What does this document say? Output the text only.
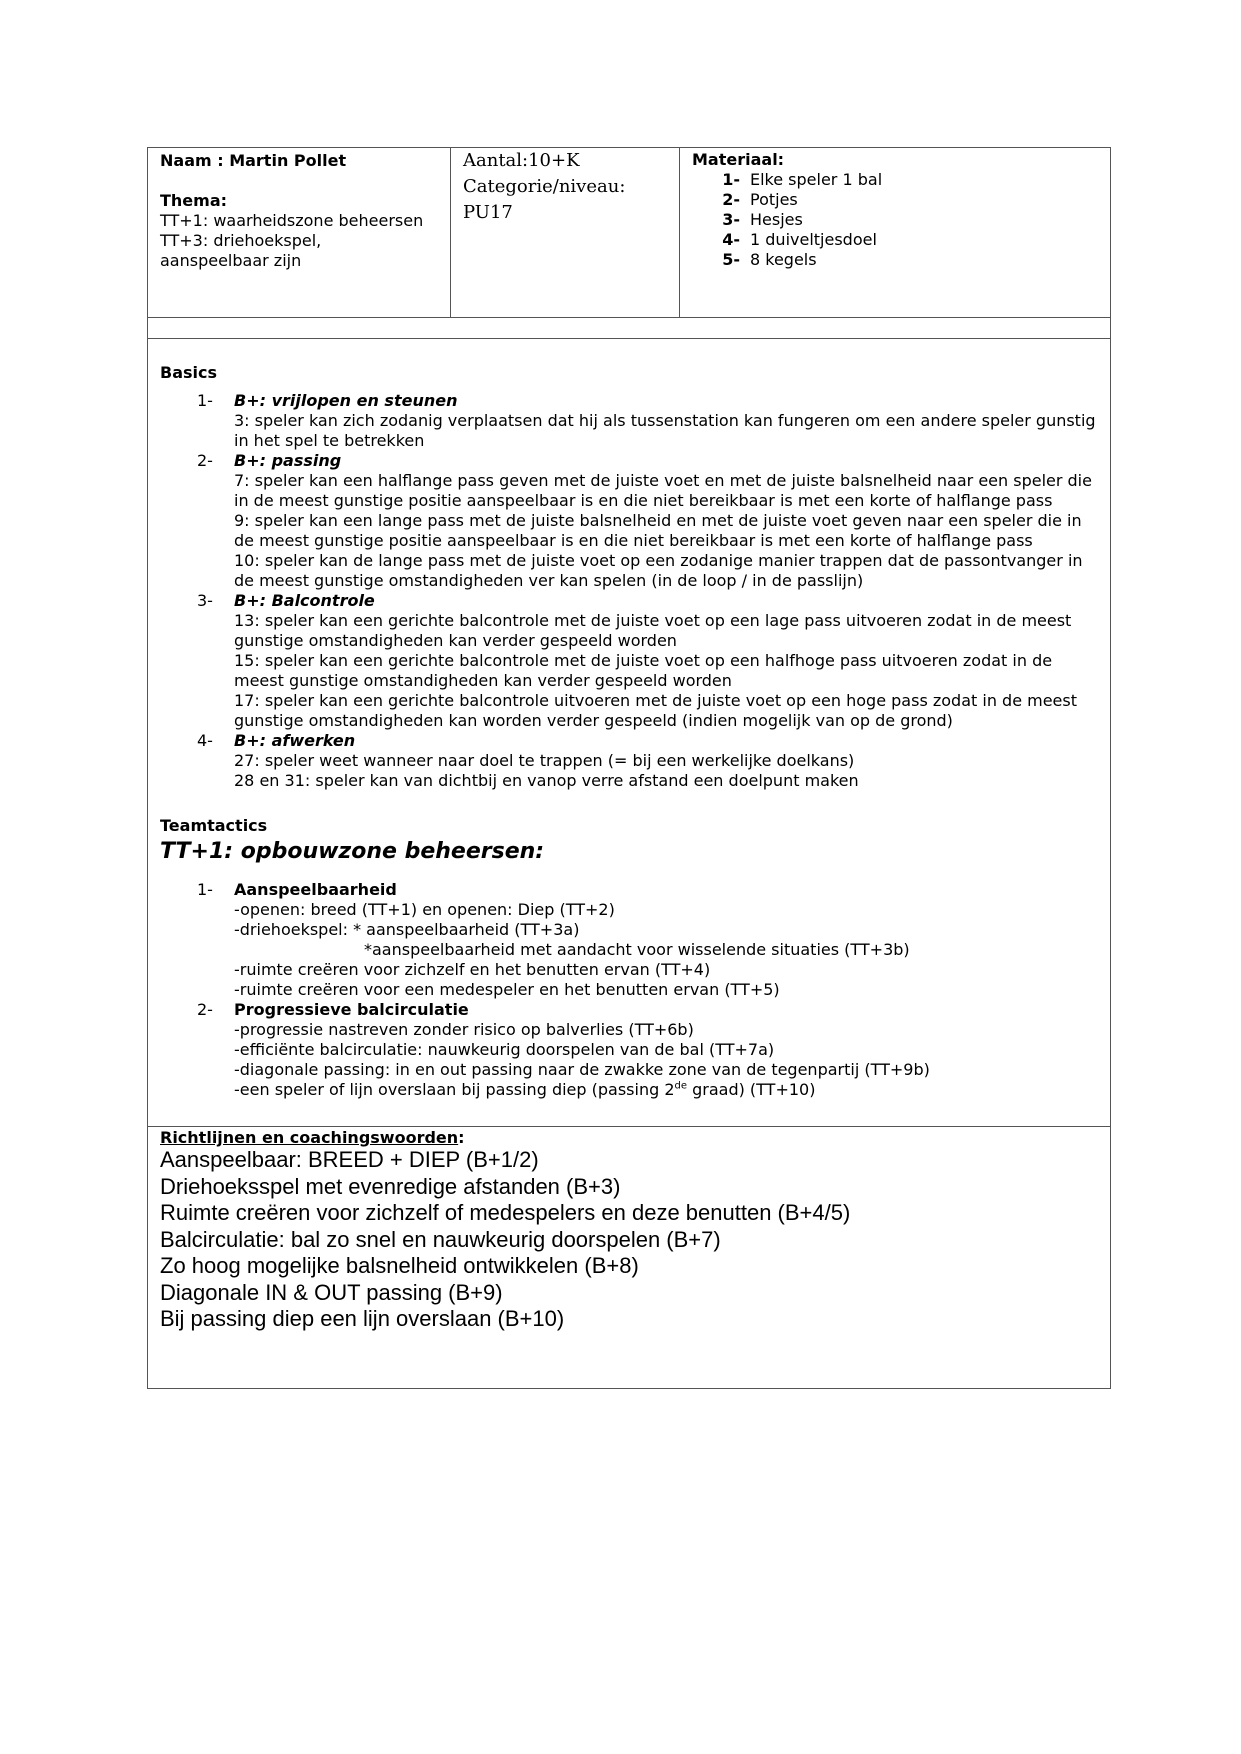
Naam : Martin Pollet
Thema:
TT+1: waarheidszone beheersen
TT+3: driehoekspel,
aanspeelbaar zijn
Aantal:10+K
Categorie/niveau: PU17
Materiaal:
1- Elke speler 1 bal
2- Potjes
3- Hesjes
4- 1 duiveltjesdoel
5- 8 kegels

Basics

1-	B+: vrijlopen en steunen
3: speler kan zich zodanig verplaatsen dat hij als tussenstation kan fungeren om een andere speler gunstig in het spel te betrekken
2-	B+: passing
7: speler kan een halflange pass geven met de juiste voet en met de juiste balsnelheid naar een speler die in de meest gunstige positie aanspeelbaar is en die niet bereikbaar is met een korte of halflange pass
9: speler kan een lange pass met de juiste balsnelheid en met de juiste voet geven naar een speler die in de meest gunstige positie aanspeelbaar is en die niet bereikbaar is met een korte of halflange pass
10: speler kan de lange pass met de juiste voet op een zodanige manier trappen dat de passontvanger in de meest gunstige omstandigheden ver kan spelen (in de loop / in de passlijn)
3-	B+: Balcontrole
13: speler kan een gerichte balcontrole met de juiste voet op een lage pass uitvoeren zodat in de meest gunstige omstandigheden kan verder gespeeld worden
15: speler kan een gerichte balcontrole met de juiste voet op een halfhoge pass uitvoeren zodat in de meest gunstige omstandigheden kan verder gespeeld worden
17: speler kan een gerichte balcontrole uitvoeren met de juiste voet op een hoge pass zodat in de meest gunstige omstandigheden kan worden verder gespeeld (indien mogelijk van op de grond)
4-	B+: afwerken
27: speler weet wanneer naar doel te trappen (= bij een werkelijke doelkans)
28 en 31: speler kan van dichtbij en vanop verre afstand een doelpunt maken

Teamtactics

TT+1: opbouwzone beheersen:
1-	Aanspeelbaarheid
-openen: breed (TT+1) en openen: Diep (TT+2)
-driehoekspel: * aanspeelbaarheid (TT+3a)
*aanspeelbaarheid met aandacht voor wisselende situaties (TT+3b)
-ruimte creëren voor zichzelf en het benutten ervan (TT+4)
-ruimte creëren voor een medespeler en het benutten ervan (TT+5)
2-	Progressieve balcirculatie
-progressie nastreven zonder risico op balverlies (TT+6b)
-efficiënte balcirculatie: nauwkeurig doorspelen van de bal (TT+7a)
-diagonale passing: in en out passing naar de zwakke zone van de tegenpartij (TT+9b)
-een speler of lijn overslaan bij passing diep (passing 2de graad) (TT+10)
Richtlijnen en coachingswoorden:
Aanspeelbaar: BREED + DIEP (B+1/2)
Driehoeksspel met evenredige afstanden (B+3)
Ruimte creëren voor zichzelf of medespelers en deze benutten (B+4/5)
Balcirculatie: bal zo snel en nauwkeurig doorspelen (B+7)
Zo hoog mogelijke balsnelheid ontwikkelen (B+8)
Diagonale IN & OUT passing (B+9)
Bij passing diep een lijn overslaan (B+10)
